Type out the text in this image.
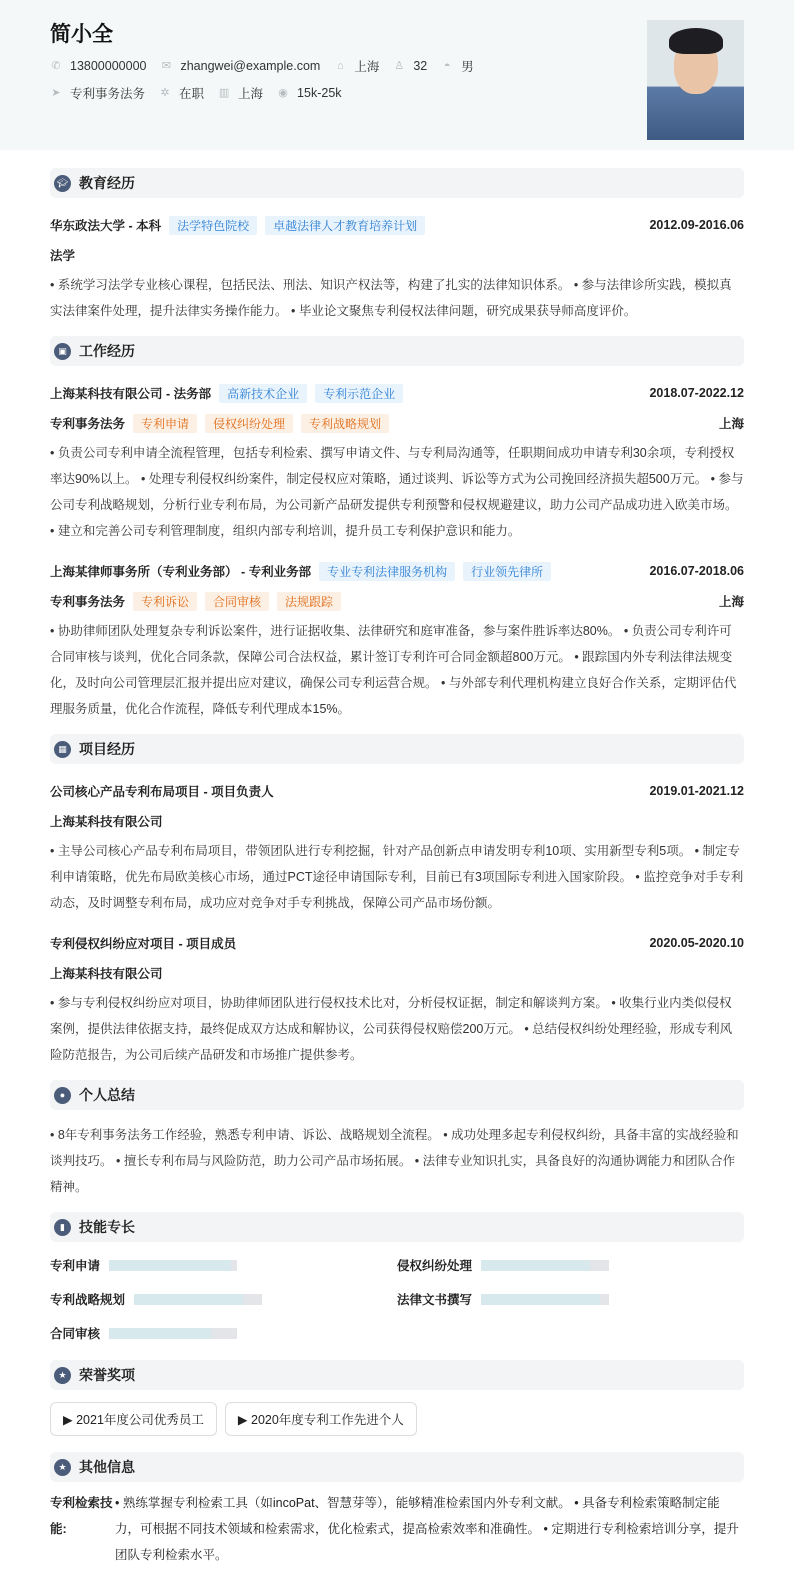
简小全
✆ 13800000000 ✉ zhangwei@example.com ⌂ 上海 ♙ 32 ◓ 男
➤ 专利事务法务 ✲ 在职 ▥ 上海 ◉ 15k-25k
🎓︎ 教育经历
华东政法大学 - 本科	法学特色院校	卓越法律人才教育培养计划	2012.09-2016.06
法学
• 系统学习法学专业核心课程，包括民法、刑法、知识产权法等，构建了扎实的法律知识体系。 • 参与法律诊所实践，模拟真实法律案件处理，提升法律实务操作能力。 • 毕业论文聚焦专利侵权法律问题，研究成果获导师高度评价。
▣ 工作经历
上海某科技有限公司 - 法务部	高新技术企业	专利示范企业	2018.07-2022.12
专利事务法务	专利申请	侵权纠纷处理	专利战略规划	上海
• 负责公司专利申请全流程管理，包括专利检索、撰写申请文件、与专利局沟通等，任职期间成功申请专利30余项，专利授权率达90%以上。 • 处理专利侵权纠纷案件，制定侵权应对策略，通过谈判、诉讼等方式为公司挽回经济损失超500万元。 • 参与公司专利战略规划，分析行业专利布局，为公司新产品研发提供专利预警和侵权规避建议，助力公司产品成功进入欧美市场。 • 建立和完善公司专利管理制度，组织内部专利培训，提升员工专利保护意识和能力。
上海某律师事务所（专利业务部） - 专利业务部	专业专利法律服务机构	行业领先律所	2016.07-2018.06
专利事务法务	专利诉讼	合同审核	法规跟踪	上海
• 协助律师团队处理复杂专利诉讼案件，进行证据收集、法律研究和庭审准备，参与案件胜诉率达80%。 • 负责公司专利许可合同审核与谈判，优化合同条款，保障公司合法权益，累计签订专利许可合同金额超800万元。 • 跟踪国内外专利法律法规变化，及时向公司管理层汇报并提出应对建议，确保公司专利运营合规。 • 与外部专利代理机构建立良好合作关系，定期评估代理服务质量，优化合作流程，降低专利代理成本15%。
▦ 项目经历
公司核心产品专利布局项目 - 项目负责人	2019.01-2021.12
上海某科技有限公司
• 主导公司核心产品专利布局项目，带领团队进行专利挖掘，针对产品创新点申请发明专利10项、实用新型专利5项。 • 制定专利申请策略，优先布局欧美核心市场，通过PCT途径申请国际专利，目前已有3项国际专利进入国家阶段。 • 监控竞争对手专利动态，及时调整专利布局，成功应对竞争对手专利挑战，保障公司产品市场份额。
专利侵权纠纷应对项目 - 项目成员	2020.05-2020.10
上海某科技有限公司
• 参与专利侵权纠纷应对项目，协助律师团队进行侵权技术比对，分析侵权证据，制定和解谈判方案。 • 收集行业内类似侵权案例，提供法律依据支持，最终促成双方达成和解协议，公司获得侵权赔偿200万元。 • 总结侵权纠纷处理经验，形成专利风险防范报告，为公司后续产品研发和市场推广提供参考。
● 个人总结
• 8年专利事务法务工作经验，熟悉专利申请、诉讼、战略规划全流程。 • 成功处理多起专利侵权纠纷，具备丰富的实战经验和谈判技巧。 • 擅长专利布局与风险防范，助力公司产品市场拓展。 • 法律专业知识扎实，具备良好的沟通协调能力和团队合作精神。
▮	技能专长
专利申请	侵权纠纷处理
专利战略规划	法律文书撰写
合同审核
★ 荣誉奖项
▶ 2021年度公司优秀员工	▶ 2020年度专利工作先进个人
★ 其他信息
专利检索技能:
• 熟练掌握专利检索工具（如incoPat、智慧芽等），能够精准检索国内外专利文献。 • 具备专利检索策略制定能力，可根据不同技术领域和检索需求，优化检索式，提高检索效率和准确性。 • 定期进行专利检索培训分享，提升团队专利检索水平。
